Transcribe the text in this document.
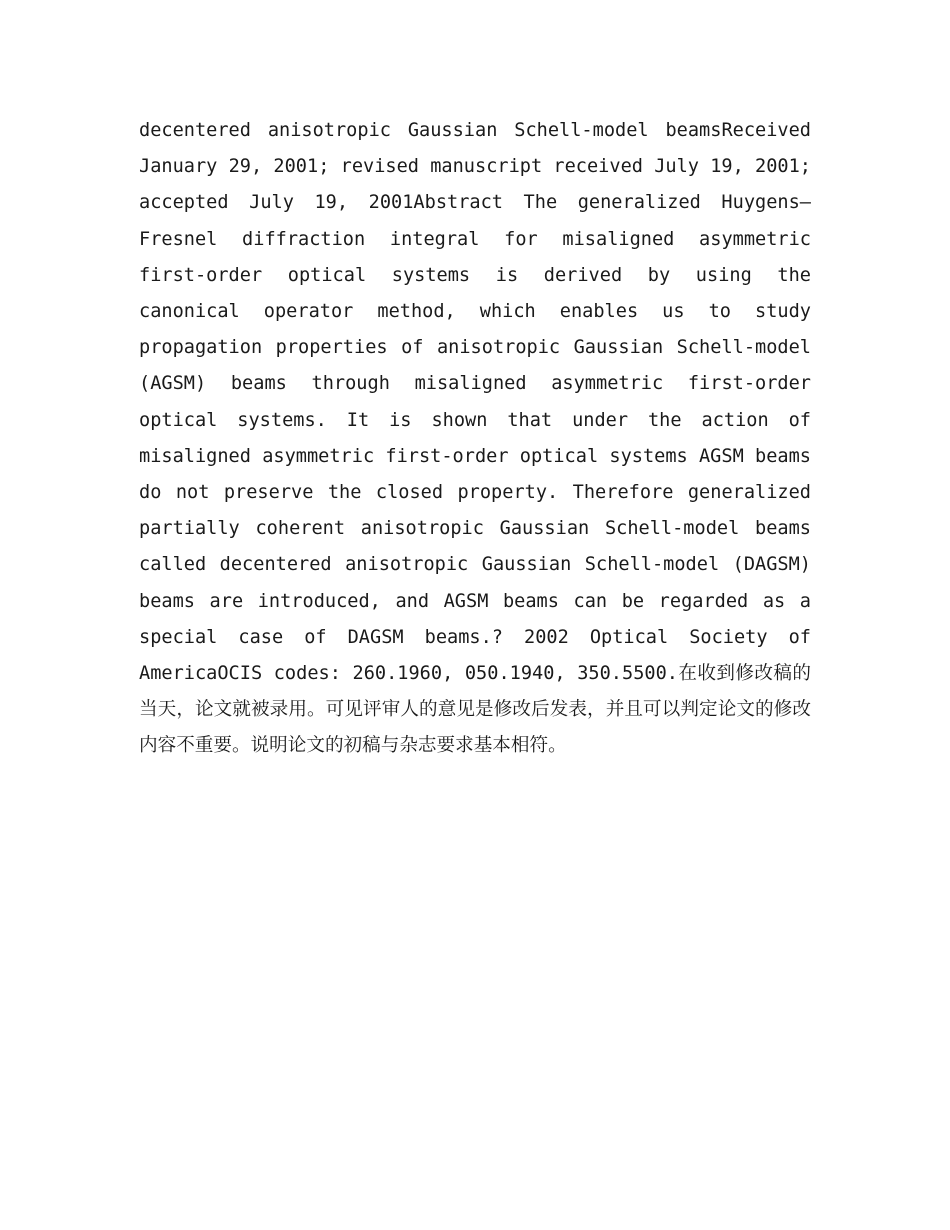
decentered anisotropic Gaussian Schell-model beamsReceived January 29, 2001; revised manuscript received July 19, 2001; accepted July 19, 2001Abstract The generalized Huygens–Fresnel diffraction integral for misaligned asymmetric first-order optical systems is derived by using the canonical operator method, which enables us to study propagation properties of anisotropic Gaussian Schell-model (AGSM) beams through misaligned asymmetric first-order optical systems. It is shown that under the action of misaligned asymmetric first-order optical systems AGSM beams do not preserve the closed property. Therefore generalized partially coherent anisotropic Gaussian Schell-model beams called decentered anisotropic Gaussian Schell-model (DAGSM) beams are introduced, and AGSM beams can be regarded as a special case of DAGSM beams.? 2002 Optical Society of AmericaOCIS codes: 260.1960, 050.1940, 350.5500.在收到修改稿的当天，论文就被录用。可见评审人的意见是修改后发表，并且可以判定论文的修改内容不重要。说明论文的初稿与杂志要求基本相符。
